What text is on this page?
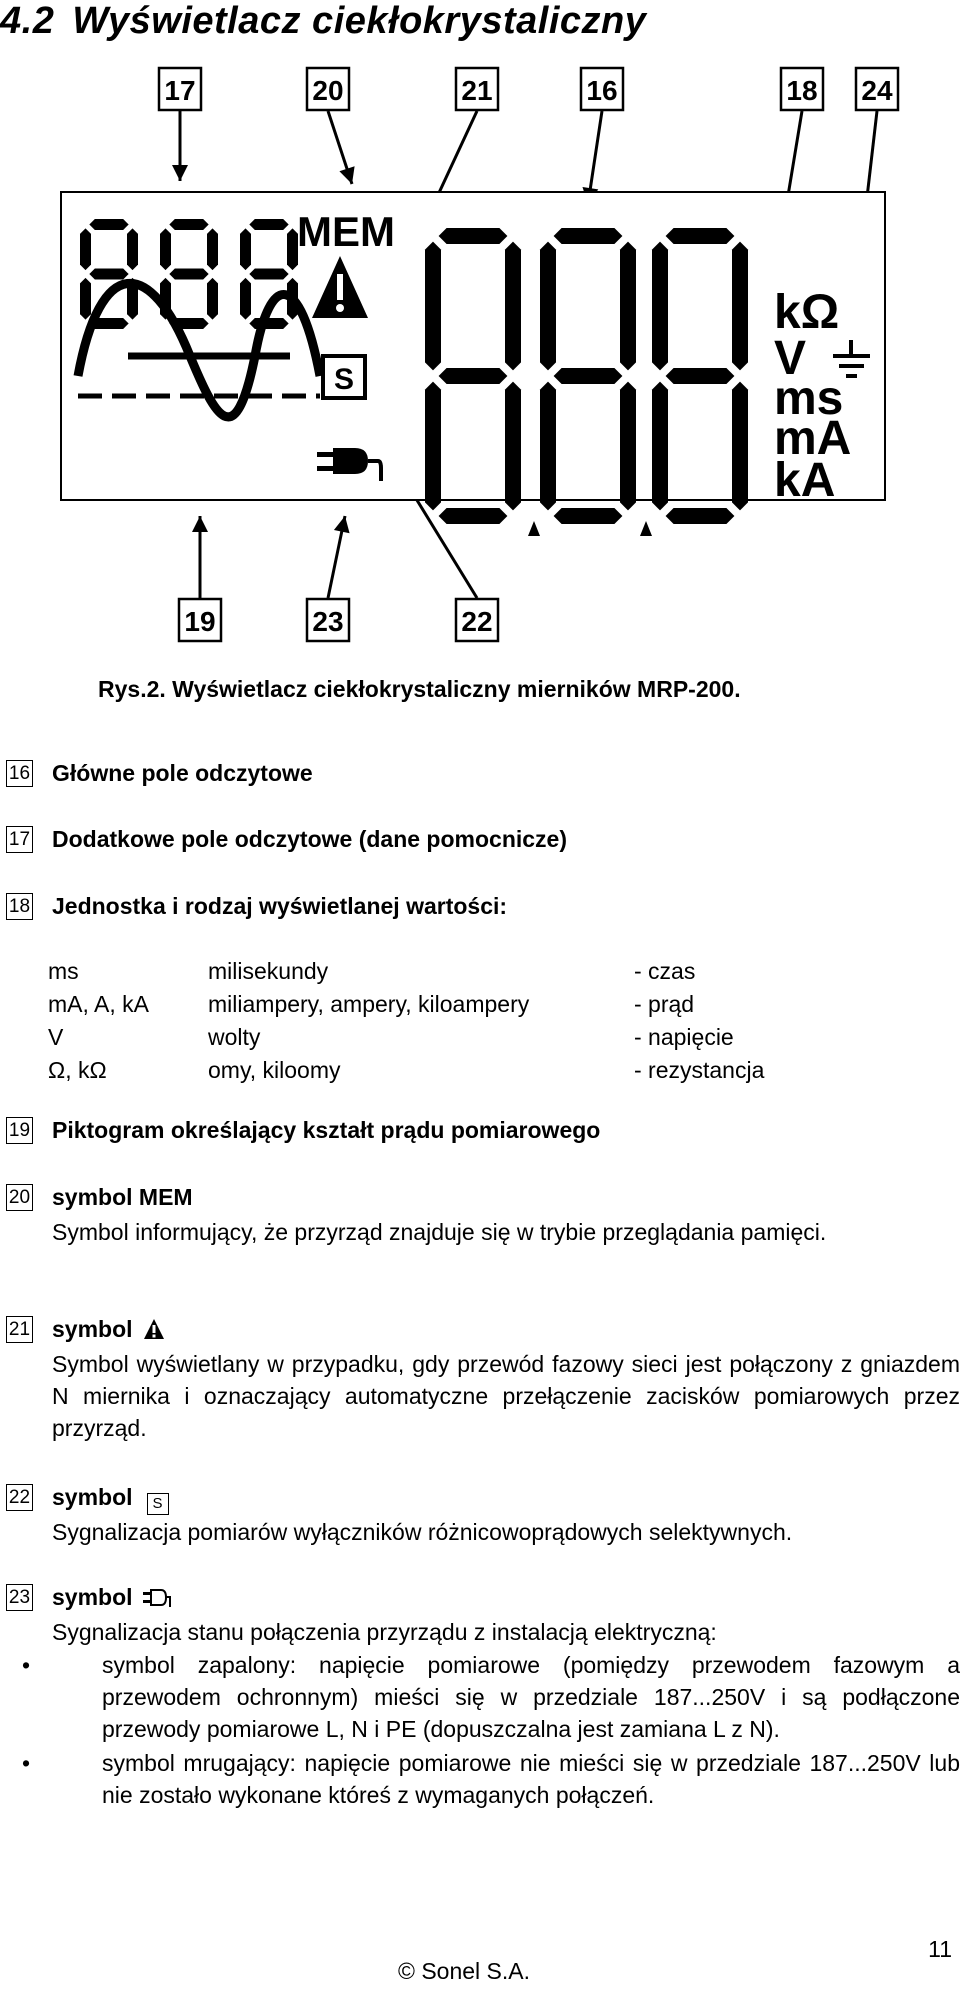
4.2 Wyświetlacz ciekłokrystaliczny
17	20	21	16	18 24
19	23	22
MEM
S
kΩ
V
ms
mA
kA
Rys.2. Wyświetlacz ciekłokrystaliczny mierników MRP-200.
16 Główne pole odczytowe
17 Dodatkowe pole odczytowe (dane pomocnicze)
18 Jednostka i rodzaj wyświetlanej wartości:
ms	milisekundy	- czas
mA, A, kA	miliampery, ampery, kiloampery	- prąd
V	wolty	- napięcie
Ω, kΩ	omy, kiloomy	- rezystancja
19 Piktogram określający kształt prądu pomiarowego
20 symbol MEM
Symbol informujący, że przyrząd znajduje się w trybie przeglądania pamięci.
21 symbol
Symbol wyświetlany w przypadku, gdy przewód fazowy sieci jest połączony z gniazdem N miernika i oznaczający automatyczne przełączenie zacisków pomiarowych przez przyrząd.
22 symbol S
Sygnalizacja pomiarów wyłączników różnicowoprądowych selektywnych.
23 symbol
Sygnalizacja stanu połączenia przyrządu z instalacją elektryczną:
•	symbol zapalony: napięcie pomiarowe (pomiędzy przewodem fazowym a przewodem ochronnym) mieści się w przedziale 187...250V i są podłączone przewody pomiarowe L, N i PE (dopuszczalna jest zamiana L z N).
•	symbol mrugający: napięcie pomiarowe nie mieści się w przedziale 187...250V lub nie zostało wykonane któreś z wymaganych połączeń.
© Sonel S.A.
11
